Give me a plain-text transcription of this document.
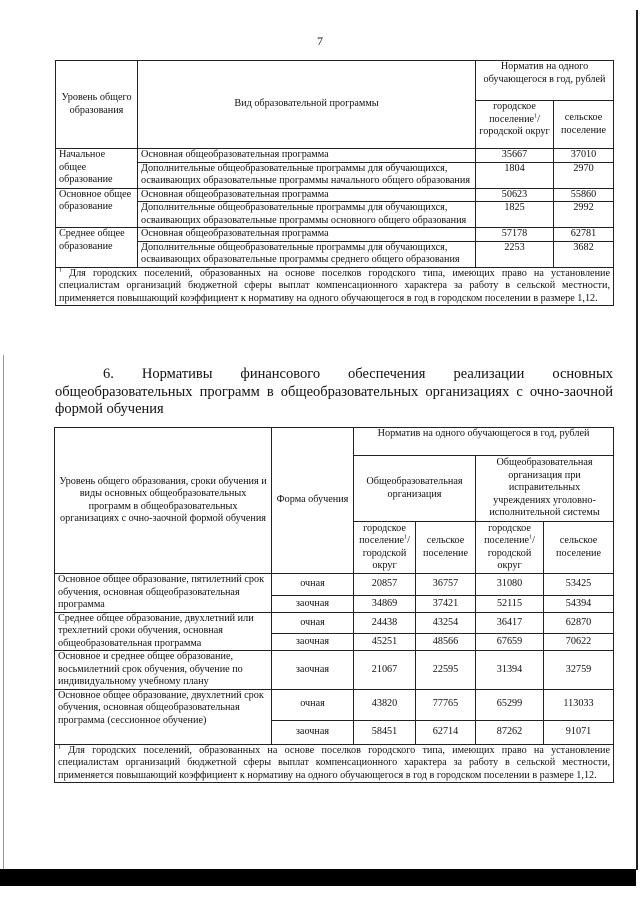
7
Уровень общего образования	Вид образовательной программы	Норматив на одного обучающегося в год, рублей	
		городское поселение$^1$/ городской округ	сельское поселение
Начальное общее образование	Основная общеобразовательная программа	35667	37010
	Дополнительные общеобразовательные программы для обучающихся, осваивающих образовательные программы начального общего образования	1804	2970
Основное общее образование	Основная общеобразовательная программа	50623	55860
	Дополнительные общеобразовательные программы для обучающихся, осваивающих образовательные программы основного общего образования	1825	2992
Среднее общее образование	Основная общеобразовательная программа	57178	62781
	Дополнительные общеобразовательные программы для обучающихся, осваивающих образовательные программы среднего общего образования	2253	3682
$^1$ Для городских поселений, образованных на основе поселков городского типа, имеющих право на установление специалистам организаций бюджетной сферы выплат компенсационного характера за работу в сельской местности, применяется повышающий коэффициент к нормативу на одного обучающегося в год в городском поселении в размере 1,12.			
6. Нормативы финансового обеспечения реализации основных общеобразовательных программ в общеобразовательных организациях с очно-заочной формой обучения
Уровень общего образования, сроки обучения и виды основных общеобразовательных программ в общеобразовательных организациях с очно-заочной формой обучения	Форма обучения	Норматив на одного обучающегося в год, рублей			
		Общеобразовательная организация		Общеобразовательная организация при исправительных учреждениях уголовно-исполнительной системы	
		городское поселение$^1$/ городской округ	сельское поселение	городское поселение$^1$/ городской округ	сельское поселение
Основное общее образование, пятилетний срок обучения, основная общеобразовательная программа	очная	20857	36757	31080	53425
	заочная	34869	37421	52115	54394
Среднее общее образование, двухлетний или трехлетний сроки обучения, основная общеобразовательная программа	очная	24438	43254	36417	62870
	заочная	45251	48566	67659	70622
Основное и среднее общее образование, восьмилетний срок обучения, обучение по индивидуальному учебному плану	заочная	21067	22595	31394	32759
Основное общее образование, двухлетний срок обучения, основная общеобразовательная программа (сессионное обучение)	очная	43820	77765	65299	113033
	заочная	58451	62714	87262	91071
$^1$ Для городских поселений, образованных на основе поселков городского типа, имеющих право на установление специалистам организаций бюджетной сферы выплат компенсационного характера за работу в сельской местности, применяется повышающий коэффициент к нормативу на одного обучающегося в год в городском поселении в размере 1,12.					
